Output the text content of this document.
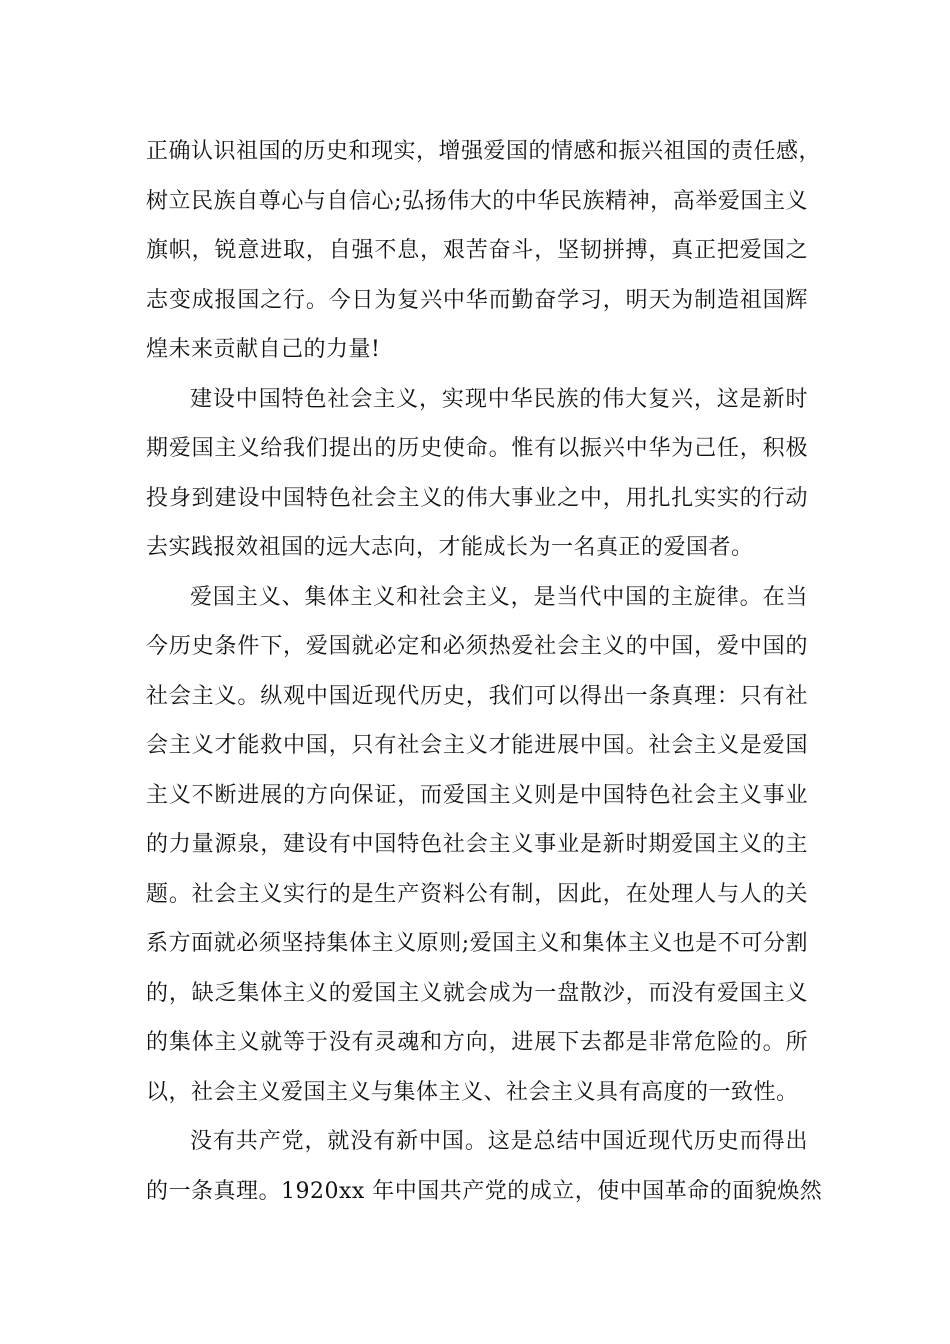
正确认识祖国的历史和现实，增强爱国的情感和振兴祖国的责任感，
树立民族自尊心与自信心;弘扬伟大的中华民族精神，高举爱国主义
旗帜，锐意进取，自强不息，艰苦奋斗，坚韧拼搏，真正把爱国之
志变成报国之行。今日为复兴中华而勤奋学习，明天为制造祖国辉
煌未来贡献自己的力量!
建设中国特色社会主义，实现中华民族的伟大复兴，这是新时
期爱国主义给我们提出的历史使命。惟有以振兴中华为己任，积极
投身到建设中国特色社会主义的伟大事业之中，用扎扎实实的行动
去实践报效祖国的远大志向，才能成长为一名真正的爱国者。
爱国主义、集体主义和社会主义，是当代中国的主旋律。在当
今历史条件下，爱国就必定和必须热爱社会主义的中国，爱中国的
社会主义。纵观中国近现代历史，我们可以得出一条真理：只有社
会主义才能救中国，只有社会主义才能进展中国。社会主义是爱国
主义不断进展的方向保证，而爱国主义则是中国特色社会主义事业
的力量源泉，建设有中国特色社会主义事业是新时期爱国主义的主
题。社会主义实行的是生产资料公有制，因此，在处理人与人的关
系方面就必须坚持集体主义原则;爱国主义和集体主义也是不可分割
的，缺乏集体主义的爱国主义就会成为一盘散沙，而没有爱国主义
的集体主义就等于没有灵魂和方向，进展下去都是非常危险的。所
以，社会主义爱国主义与集体主义、社会主义具有高度的一致性。
没有共产党，就没有新中国。这是总结中国近现代历史而得出
的一条真理。1920xx 年中国共产党的成立，使中国革命的面貌焕然
